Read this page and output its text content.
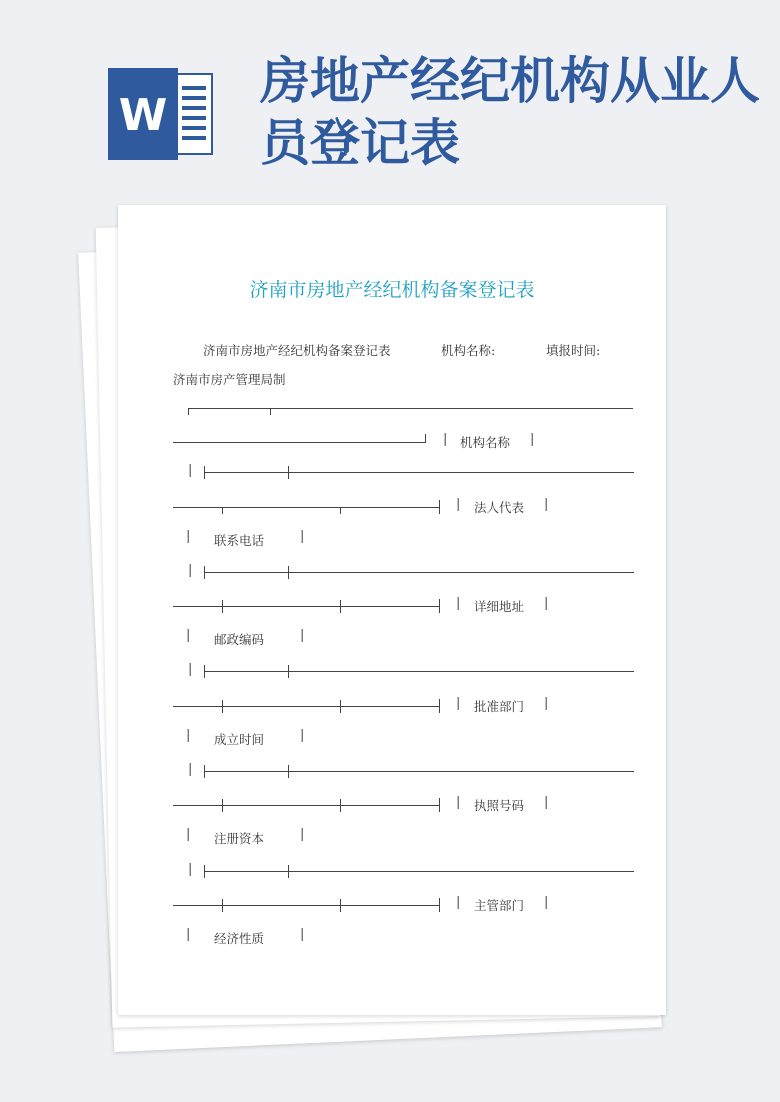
W
房地产经纪机构从业人员登记表
济南市房地产经纪机构备案登记表
济南市房地产经纪机构备案登记表	机构名称:	填报时间:
济南市房产管理局制
| 机构名称 |
|
| 法人代表 |
| 联系电话	|
|
| 详细地址 |
| 邮政编码	|
|
| 批准部门 |
| 成立时间	|
|
| 执照号码 |
| 注册资本	|
|
| 主管部门 |
| 经济性质	|
